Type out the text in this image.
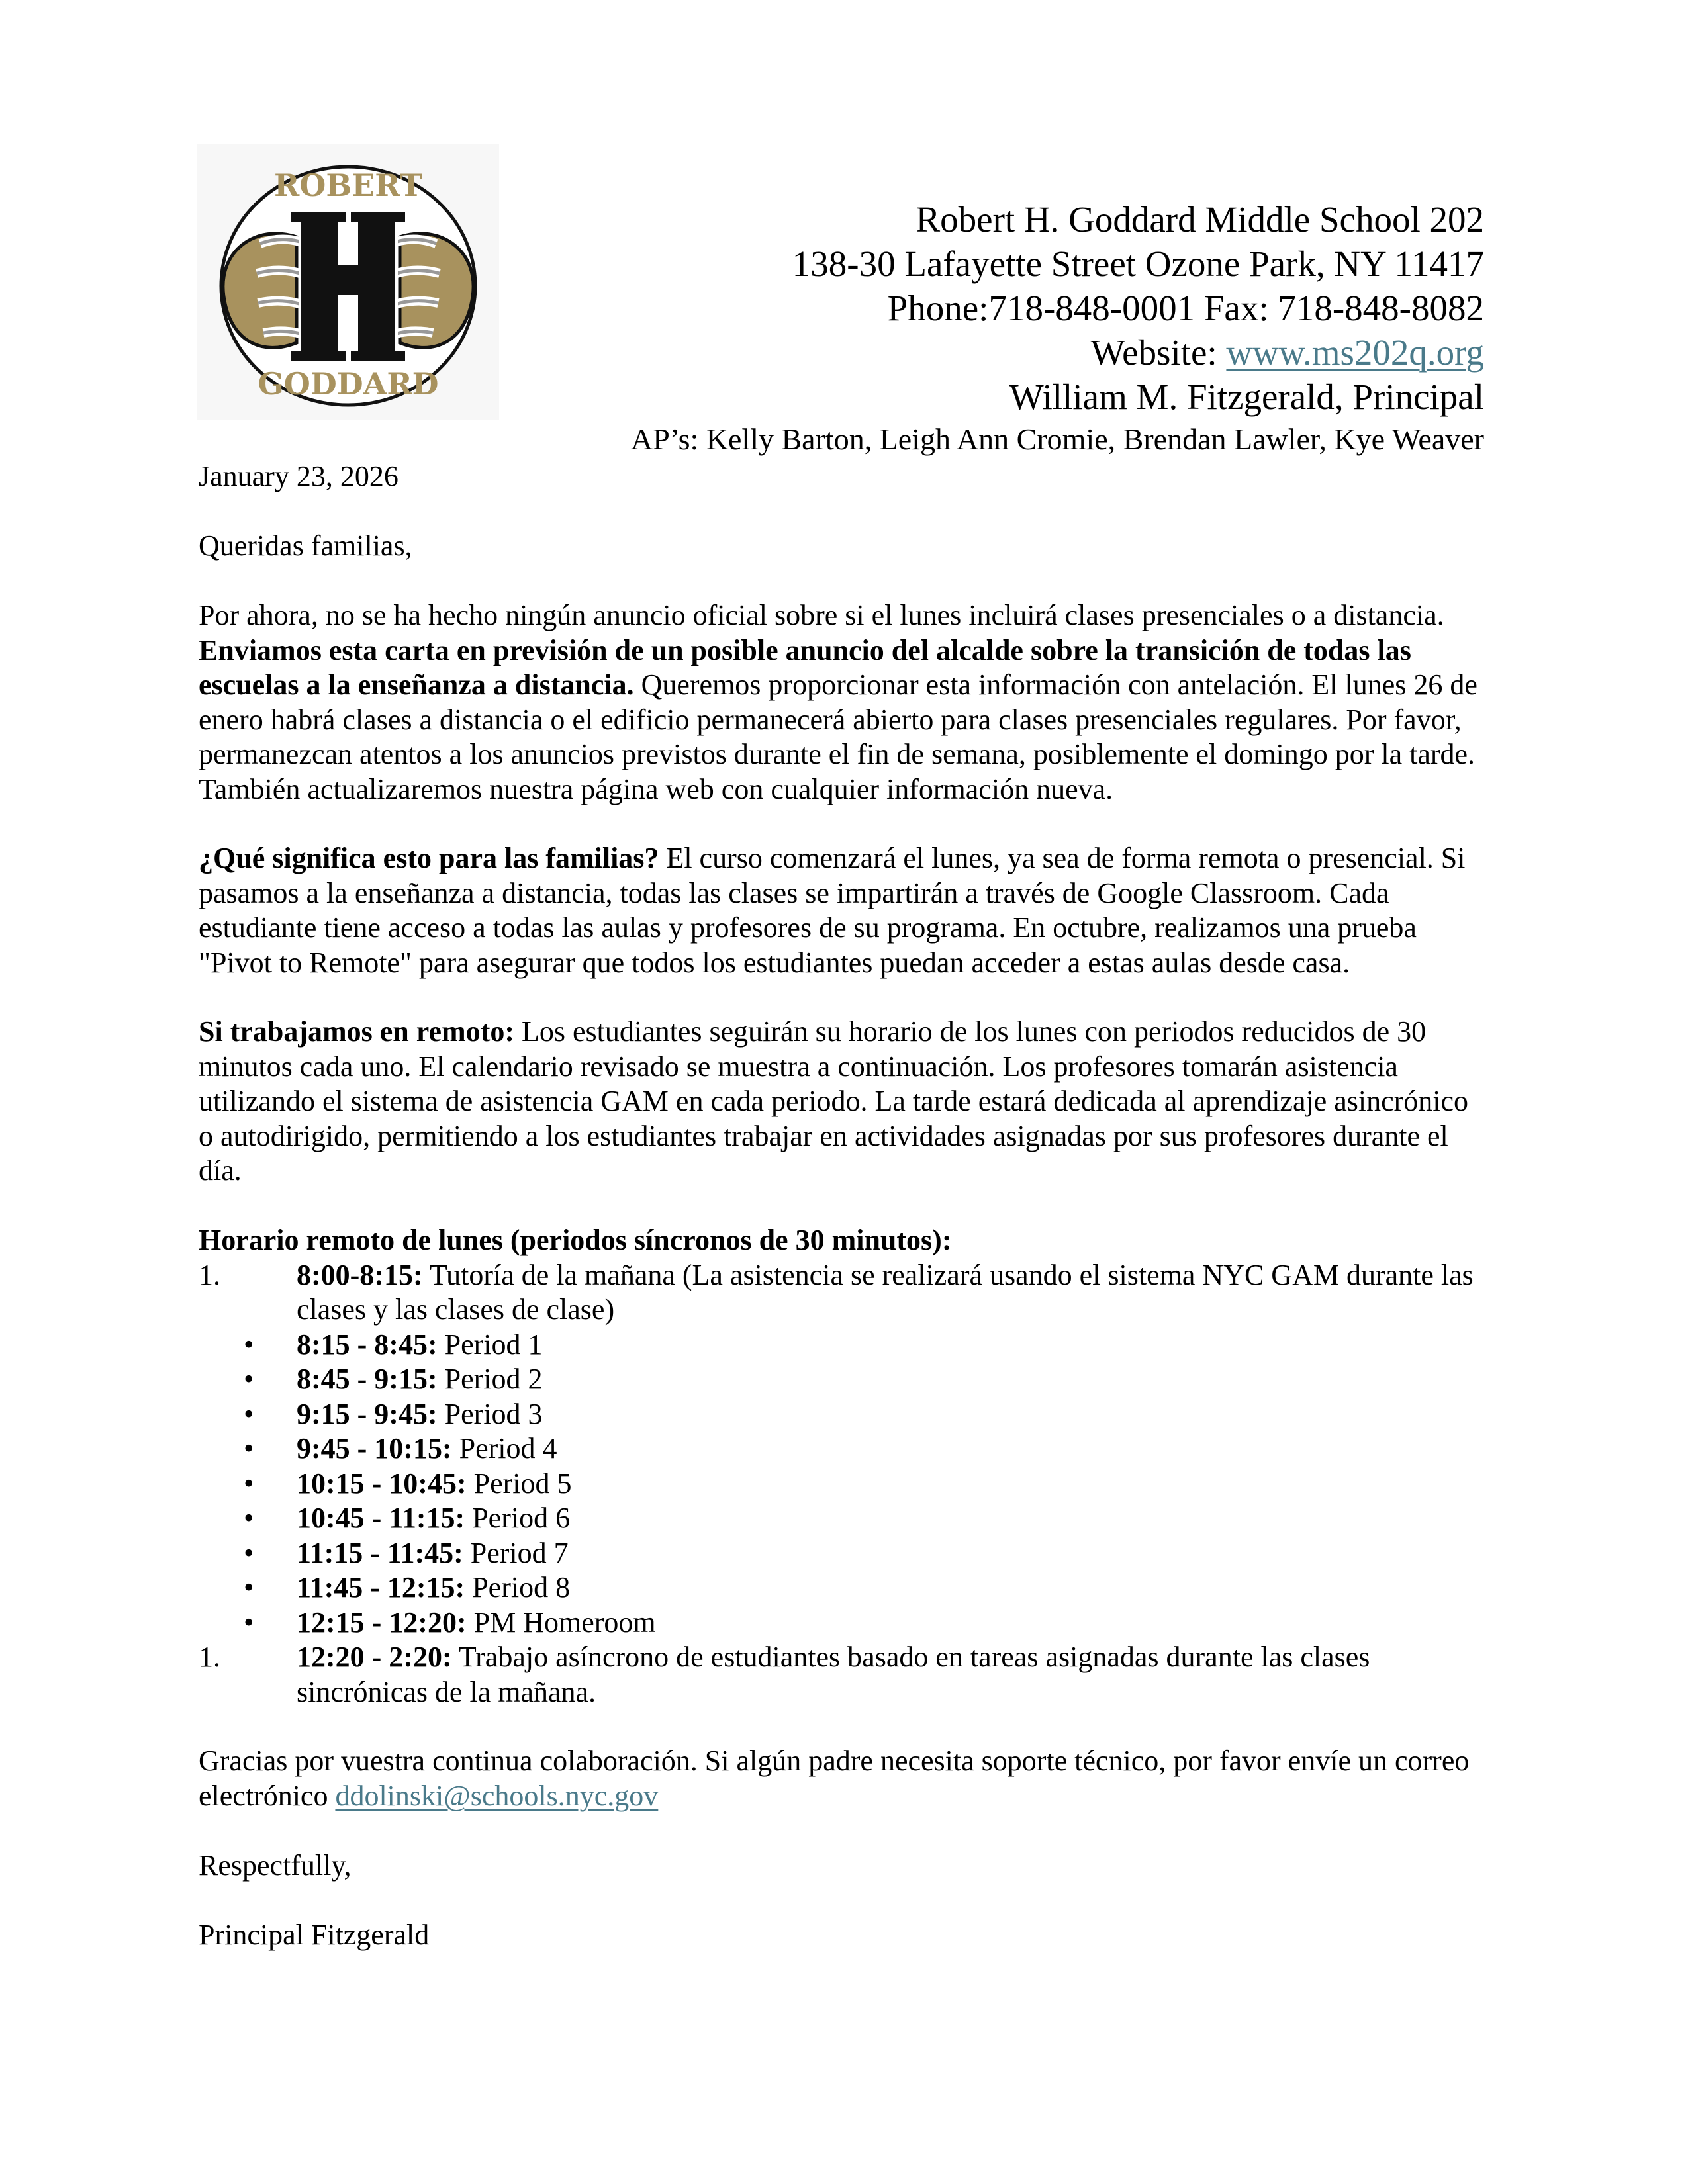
ROBERT
GODDARD
Robert H. Goddard Middle School 202
138-30 Lafayette Street Ozone Park, NY 11417
Phone:718-848-0001 Fax: 718-848-8082
Website: www.ms202q.org
William M. Fitzgerald, Principal
AP’s: Kelly Barton, Leigh Ann Cromie, Brendan Lawler, Kye Weaver
January 23, 2026
Queridas familias,

Por ahora, no se ha hecho ningún anuncio oficial sobre si el lunes incluirá clases presenciales o a distancia. Enviamos esta carta en previsión de un posible anuncio del alcalde sobre la transición de todas las escuelas a la enseñanza a distancia. Queremos proporcionar esta información con antelación. El lunes 26 de enero habrá clases a distancia o el edificio permanecerá abierto para clases presenciales regulares. Por favor, permanezcan atentos a los anuncios previstos durante el fin de semana, posiblemente el domingo por la tarde. También actualizaremos nuestra página web con cualquier información nueva.

¿Qué significa esto para las familias? El curso comenzará el lunes, ya sea de forma remota o presencial. Si pasamos a la enseñanza a distancia, todas las clases se impartirán a través de Google Classroom. Cada estudiante tiene acceso a todas las aulas y profesores de su programa. En octubre, realizamos una prueba "Pivot to Remote" para asegurar que todos los estudiantes puedan acceder a estas aulas desde casa.

Si trabajamos en remoto: Los estudiantes seguirán su horario de los lunes con periodos reducidos de 30 minutos cada uno. El calendario revisado se muestra a continuación. Los profesores tomarán asistencia utilizando el sistema de asistencia GAM en cada periodo. La tarde estará dedicada al aprendizaje asincrónico o autodirigido, permitiendo a los estudiantes trabajar en actividades asignadas por sus profesores durante el día.

Horario remoto de lunes (periodos síncronos de 30 minutos):
1.	8:00-8:15: Tutoría de la mañana (La asistencia se realizará usando el sistema NYC GAM durante las clases y las clases de clase)
• 8:15 - 8:45: Period 1
• 8:45 - 9:15: Period 2
• 9:15 - 9:45: Period 3
• 9:45 - 10:15: Period 4
• 10:15 - 10:45: Period 5
• 10:45 - 11:15: Period 6
• 11:15 - 11:45: Period 7
• 11:45 - 12:15: Period 8
• 12:15 - 12:20: PM Homeroom
1.	12:20 - 2:20: Trabajo asíncrono de estudiantes basado en tareas asignadas durante las clases sincrónicas de la mañana.

Gracias por vuestra continua colaboración. Si algún padre necesita soporte técnico, por favor envíe un correo electrónico ddolinski@schools.nyc.gov

Respectfully,
Principal Fitzgerald
